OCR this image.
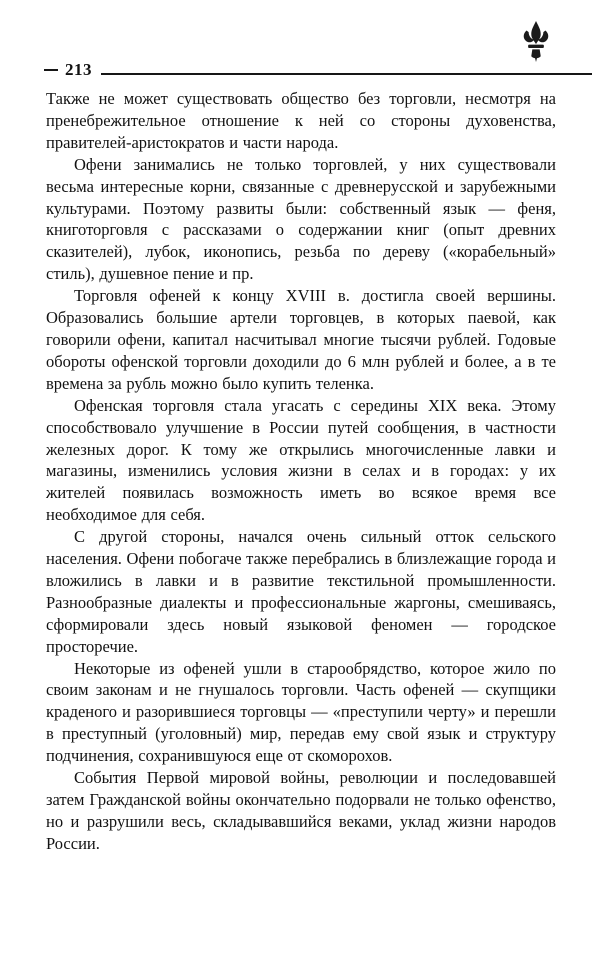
213

Также не может существовать общество без торговли, несмотря на пренебрежительное отношение к ней со стороны духовенства, правителей-аристократов и части народа.

Офени занимались не только торговлей, у них существовали весьма интересные корни, связанные с древнерусской и зарубежными культурами. Поэтому развиты были: собственный язык — феня, книготорговля с рассказами о содержании книг (опыт древних сказителей), лубок, иконопись, резьба по дереву («корабельный» стиль), душевное пение и пр.

Торговля офеней к концу XVIII в. достигла своей вершины. Образовались большие артели торговцев, в которых паевой, как говорили офени, капитал насчитывал многие тысячи рублей. Годовые обороты офенской торговли доходили до 6 млн рублей и более, а в те времена за рубль можно было купить теленка.

Офенская торговля стала угасать с середины XIX века. Этому способствовало улучшение в России путей сообщения, в частности железных дорог. К тому же открылись многочисленные лавки и магазины, изменились условия жизни в селах и в городах: у их жителей появилась возможность иметь во всякое время все необходимое для себя.

С другой стороны, начался очень сильный отток сельского населения. Офени побогаче также перебрались в близлежащие города и вложились в лавки и в развитие текстильной промышленности. Разнообразные диалекты и профессиональные жаргоны, смешиваясь, сформировали здесь новый языковой феномен — городское просторечие.

Некоторые из офеней ушли в старообрядство, которое жило по своим законам и не гнушалось торговли. Часть офеней — скупщики краденого и разорившиеся торговцы — «преступили черту» и перешли в преступный (уголовный) мир, передав ему свой язык и структуру подчинения, сохранившуюся еще от скоморохов.

События Первой мировой войны, революции и последовавшей затем Гражданской войны окончательно подорвали не только офенство, но и разрушили весь, складывавшийся веками, уклад жизни народов России.
